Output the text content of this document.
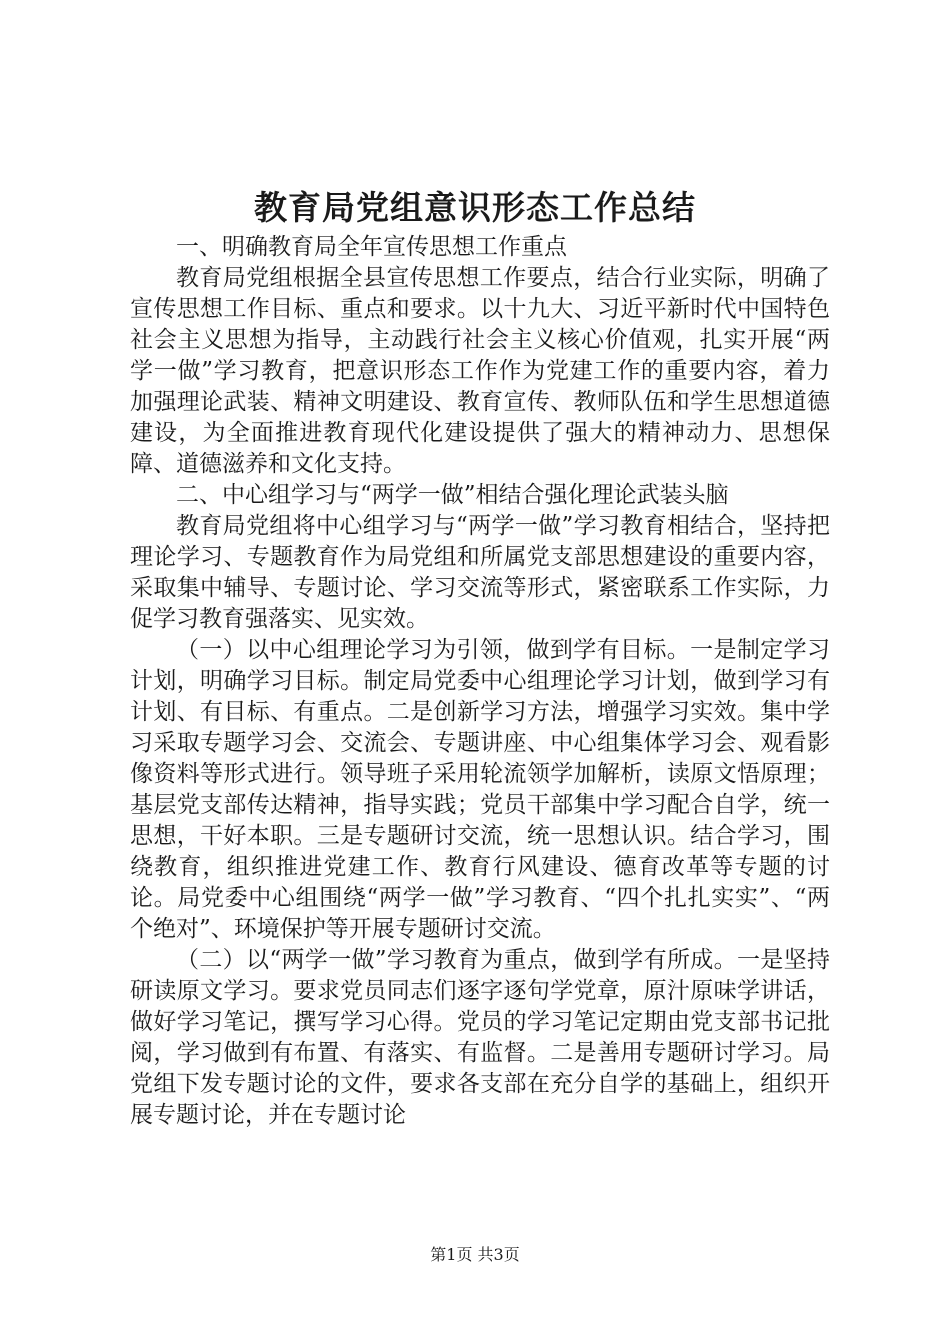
教育局党组意识形态工作总结

一、明确教育局全年宣传思想工作重点

教育局党组根据全县宣传思想工作要点，结合行业实际，明确了宣传思想工作目标、重点和要求。以十九大、习近平新时代中国特色社会主义思想为指导，主动践行社会主义核心价值观，扎实开展“两学一做”学习教育，把意识形态工作作为党建工作的重要内容，着力加强理论武装、精神文明建设、教育宣传、教师队伍和学生思想道德建设，为全面推进教育现代化建设提供了强大的精神动力、思想保障、道德滋养和文化支持。

二、中心组学习与“两学一做”相结合强化理论武装头脑

教育局党组将中心组学习与“两学一做”学习教育相结合，坚持把理论学习、专题教育作为局党组和所属党支部思想建设的重要内容，采取集中辅导、专题讨论、学习交流等形式，紧密联系工作实际，力促学习教育强落实、见实效。

（一）以中心组理论学习为引领，做到学有目标。一是制定学习计划，明确学习目标。制定局党委中心组理论学习计划，做到学习有计划、有目标、有重点。二是创新学习方法，增强学习实效。集中学习采取专题学习会、交流会、专题讲座、中心组集体学习会、观看影像资料等形式进行。领导班子采用轮流领学加解析，读原文悟原理；基层党支部传达精神，指导实践；党员干部集中学习配合自学，统一思想，干好本职。三是专题研讨交流，统一思想认识。结合学习，围绕教育，组织推进党建工作、教育行风建设、德育改革等专题的讨论。局党委中心组围绕“两学一做”学习教育、“四个扎扎实实”、“两个绝对”、环境保护等开展专题研讨交流。

（二）以“两学一做”学习教育为重点，做到学有所成。一是坚持研读原文学习。要求党员同志们逐字逐句学党章，原汁原味学讲话，做好学习笔记，撰写学习心得。党员的学习笔记定期由党支部书记批阅，学习做到有布置、有落实、有监督。二是善用专题研讨学习。局党组下发专题讨论的文件，要求各支部在充分自学的基础上，组织开展专题讨论，并在专题讨论

第1页 共3页
